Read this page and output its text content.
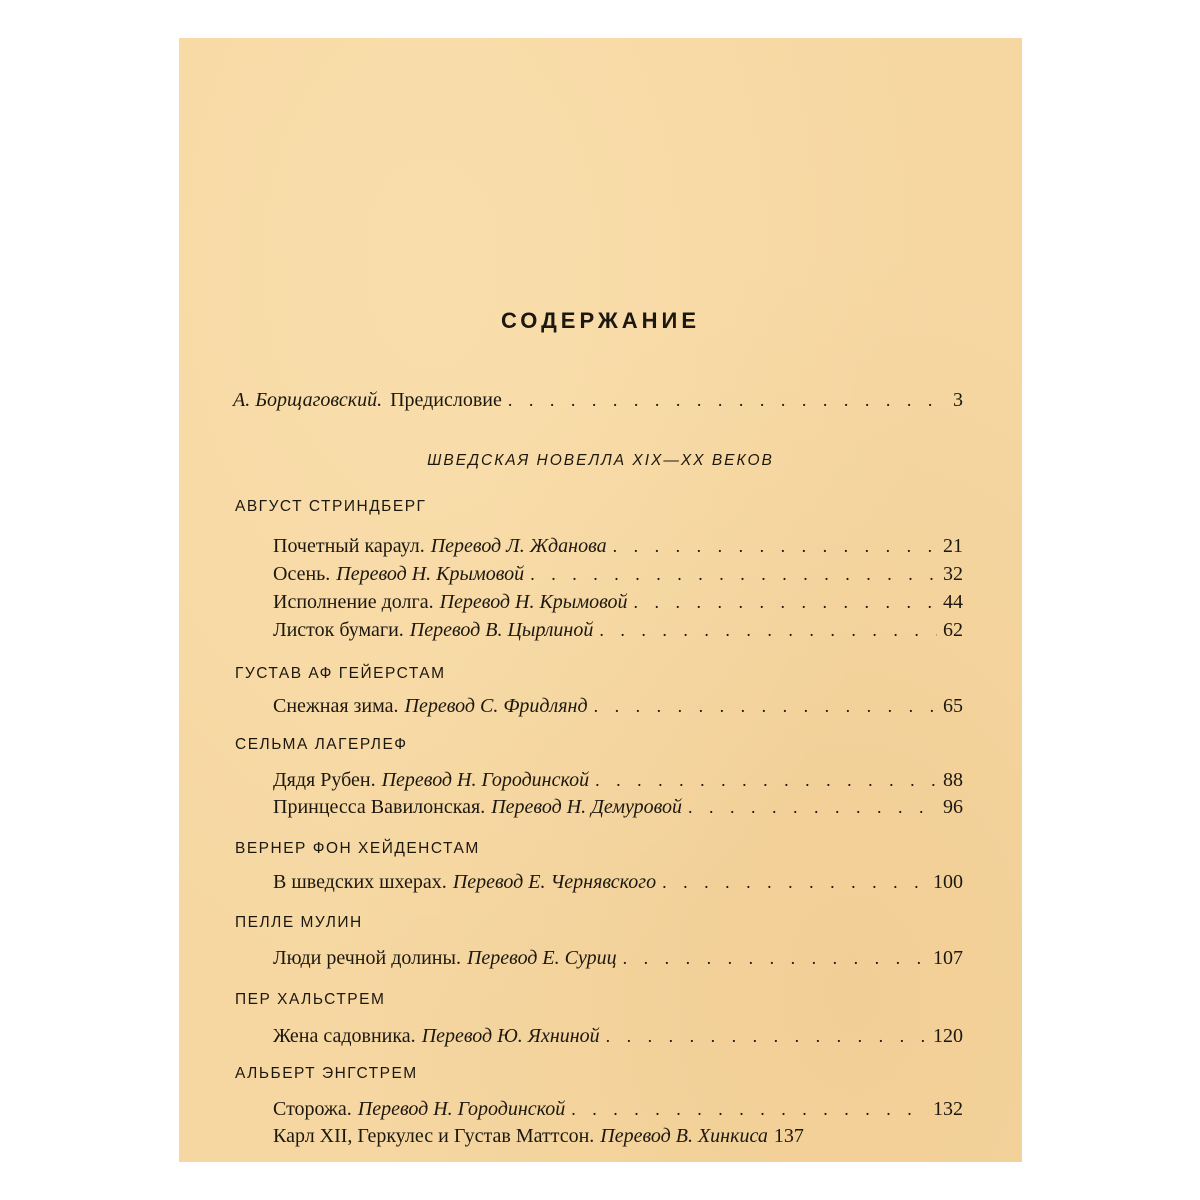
СОДЕРЖАНИЕ
А. Борщаговский. Предисловие . . .	3
ШВЕДСКАЯ НОВЕЛЛА XIX—XX ВЕКОВ
АВГУСТ СТРИНДБЕРГ
Почетный караул. Перевод Л. Жданова . . .	21
Осень. Перевод Н. Крымовой . . .	32
Исполнение долга. Перевод Н. Крымовой . . .	44
Листок бумаги. Перевод В. Цырлиной . . .	62
ГУСТАВ АФ ГЕЙЕРСТАМ
Снежная зима. Перевод С. Фридлянд . . .	65
СЕЛЬМА ЛАГЕРЛЕФ
Дядя Рубен. Перевод Н. Городинской . . .	88
Принцесса Вавилонская. Перевод Н. Демуровой . . .	96
ВЕРНЕР ФОН ХЕЙДЕНСТАМ
В шведских шхерах. Перевод Е. Чернявского . . .	100
ПЕЛЛЕ МУЛИН
Люди речной долины. Перевод Е. Суриц . . .	107
ПЕР ХАЛЬСТРЕМ
Жена садовника. Перевод Ю. Яхниной . . .	120
АЛЬБЕРТ ЭНГСТРЕМ
Сторожа. Перевод Н. Городинской . . .	132
Карл XII, Геркулес и Густав Маттсон. Перевод В. Хинкиса 137
